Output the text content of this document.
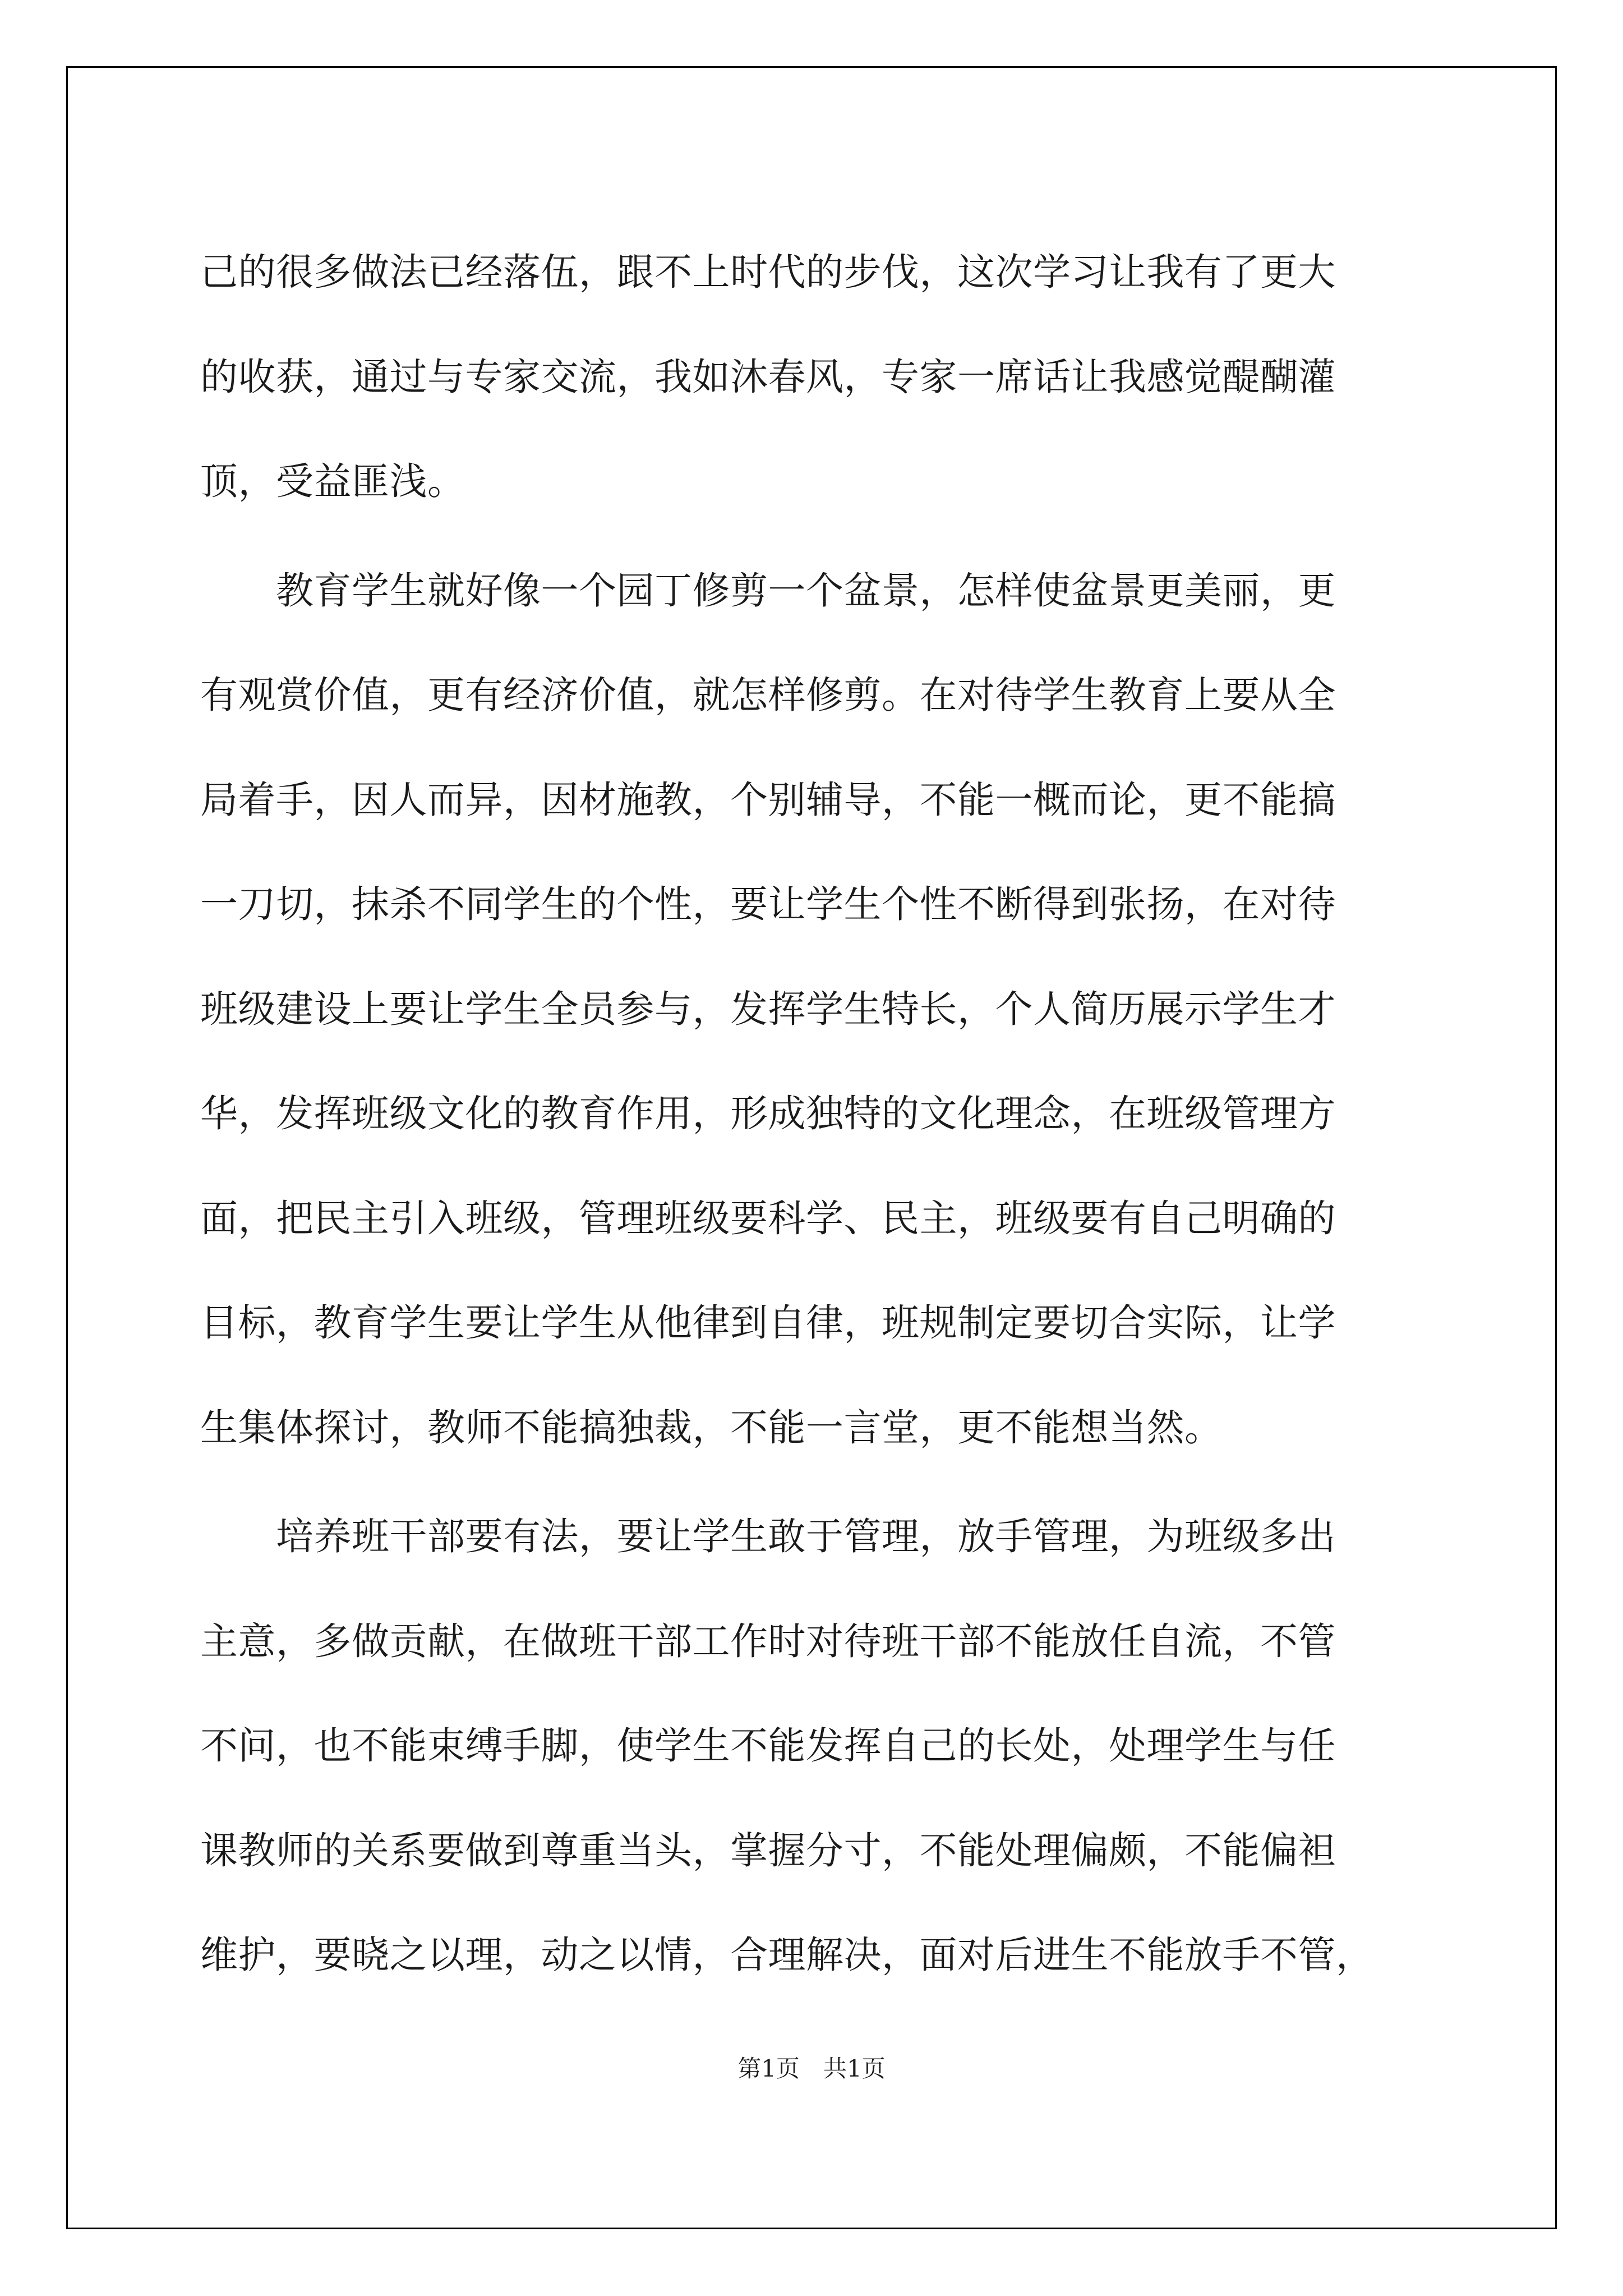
己的很多做法已经落伍，跟不上时代的步伐，这次学习让我有了更大
的收获，通过与专家交流，我如沐春风，专家一席话让我感觉醍醐灌
顶，受益匪浅。
　　教育学生就好像一个园丁修剪一个盆景，怎样使盆景更美丽，更
有观赏价值，更有经济价值，就怎样修剪。在对待学生教育上要从全
局着手，因人而异，因材施教，个别辅导，不能一概而论，更不能搞
一刀切，抹杀不同学生的个性，要让学生个性不断得到张扬，在对待
班级建设上要让学生全员参与，发挥学生特长，个人简历展示学生才
华，发挥班级文化的教育作用，形成独特的文化理念，在班级管理方
面，把民主引入班级，管理班级要科学、民主，班级要有自己明确的
目标，教育学生要让学生从他律到自律，班规制定要切合实际，让学
生集体探讨，教师不能搞独裁，不能一言堂，更不能想当然。
　　培养班干部要有法，要让学生敢于管理，放手管理，为班级多出
主意，多做贡献，在做班干部工作时对待班干部不能放任自流，不管
不问，也不能束缚手脚，使学生不能发挥自己的长处，处理学生与任
课教师的关系要做到尊重当头，掌握分寸，不能处理偏颇，不能偏袒
维护，要晓之以理，动之以情，合理解决，面对后进生不能放手不管，
第1页　共1页
